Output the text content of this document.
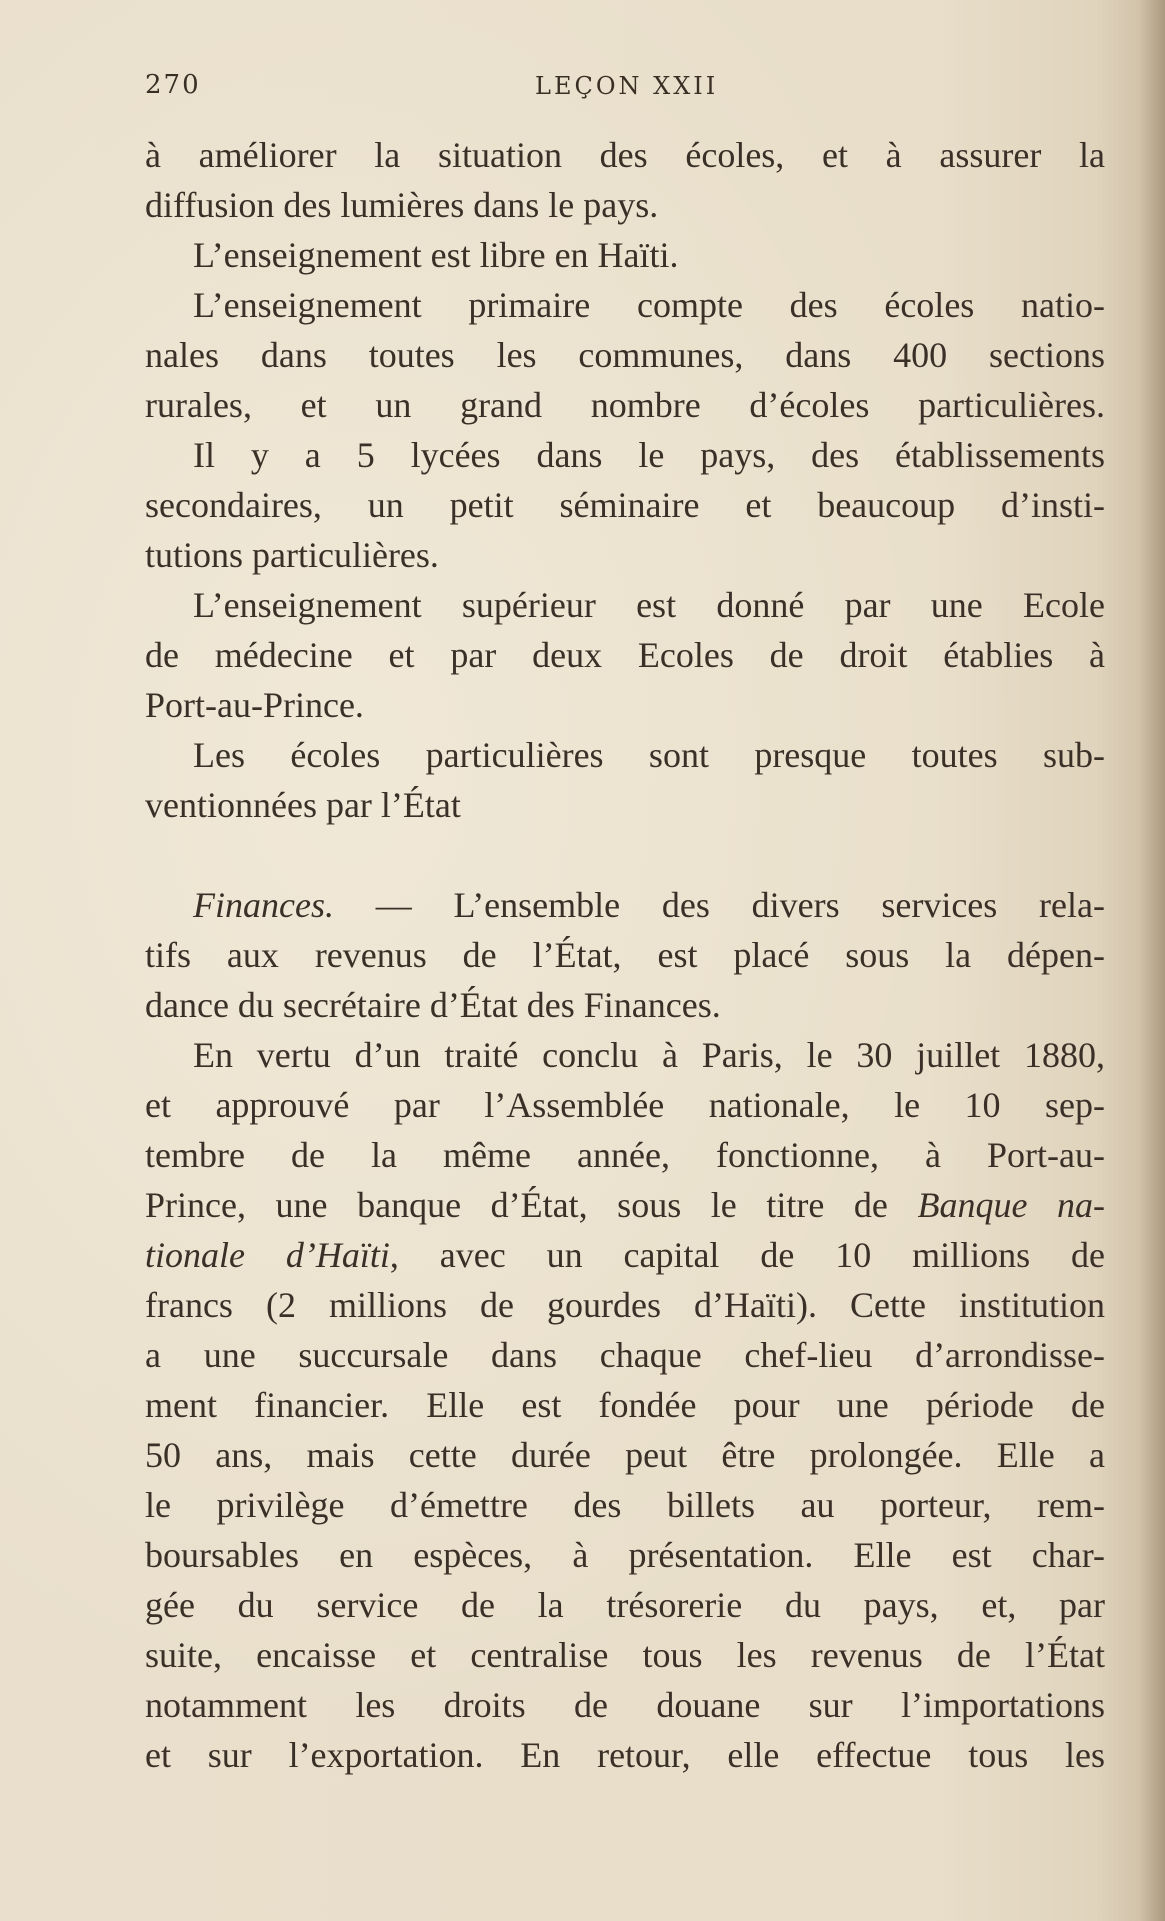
270	LEÇON XXII
à améliorer la situation des écoles, et à assurer la
diffusion des lumières dans le pays.
L’enseignement est libre en Haïti.
L’enseignement primaire compte des écoles natio-
nales dans toutes les communes, dans 400 sections
rurales, et un grand nombre d’écoles particulières.
Il y a 5 lycées dans le pays, des établissements
secondaires, un petit séminaire et beaucoup d’insti-
tutions particulières.
L’enseignement supérieur est donné par une Ecole
de médecine et par deux Ecoles de droit établies à
Port-au-Prince.
Les écoles particulières sont presque toutes sub-
ventionnées par l’État
Finances. — L’ensemble des divers services rela-
tifs aux revenus de l’État, est placé sous la dépen-
dance du secrétaire d’État des Finances.
En vertu d’un traité conclu à Paris, le 30 juillet 1880,
et approuvé par l’Assemblée nationale, le 10 sep-
tembre de la même année, fonctionne, à Port-au-
Prince, une banque d’État, sous le titre de Banque na-
tionale d’Haïti, avec un capital de 10 millions de
francs (2 millions de gourdes d’Haïti). Cette institution
a une succursale dans chaque chef-lieu d’arrondisse-
ment financier. Elle est fondée pour une période de
50 ans, mais cette durée peut être prolongée. Elle a
le privilège d’émettre des billets au porteur, rem-
boursables en espèces, à présentation. Elle est char-
gée du service de la trésorerie du pays, et, par
suite, encaisse et centralise tous les revenus de l’État
notamment les droits de douane sur l’importations
et sur l’exportation. En retour, elle effectue tous les
